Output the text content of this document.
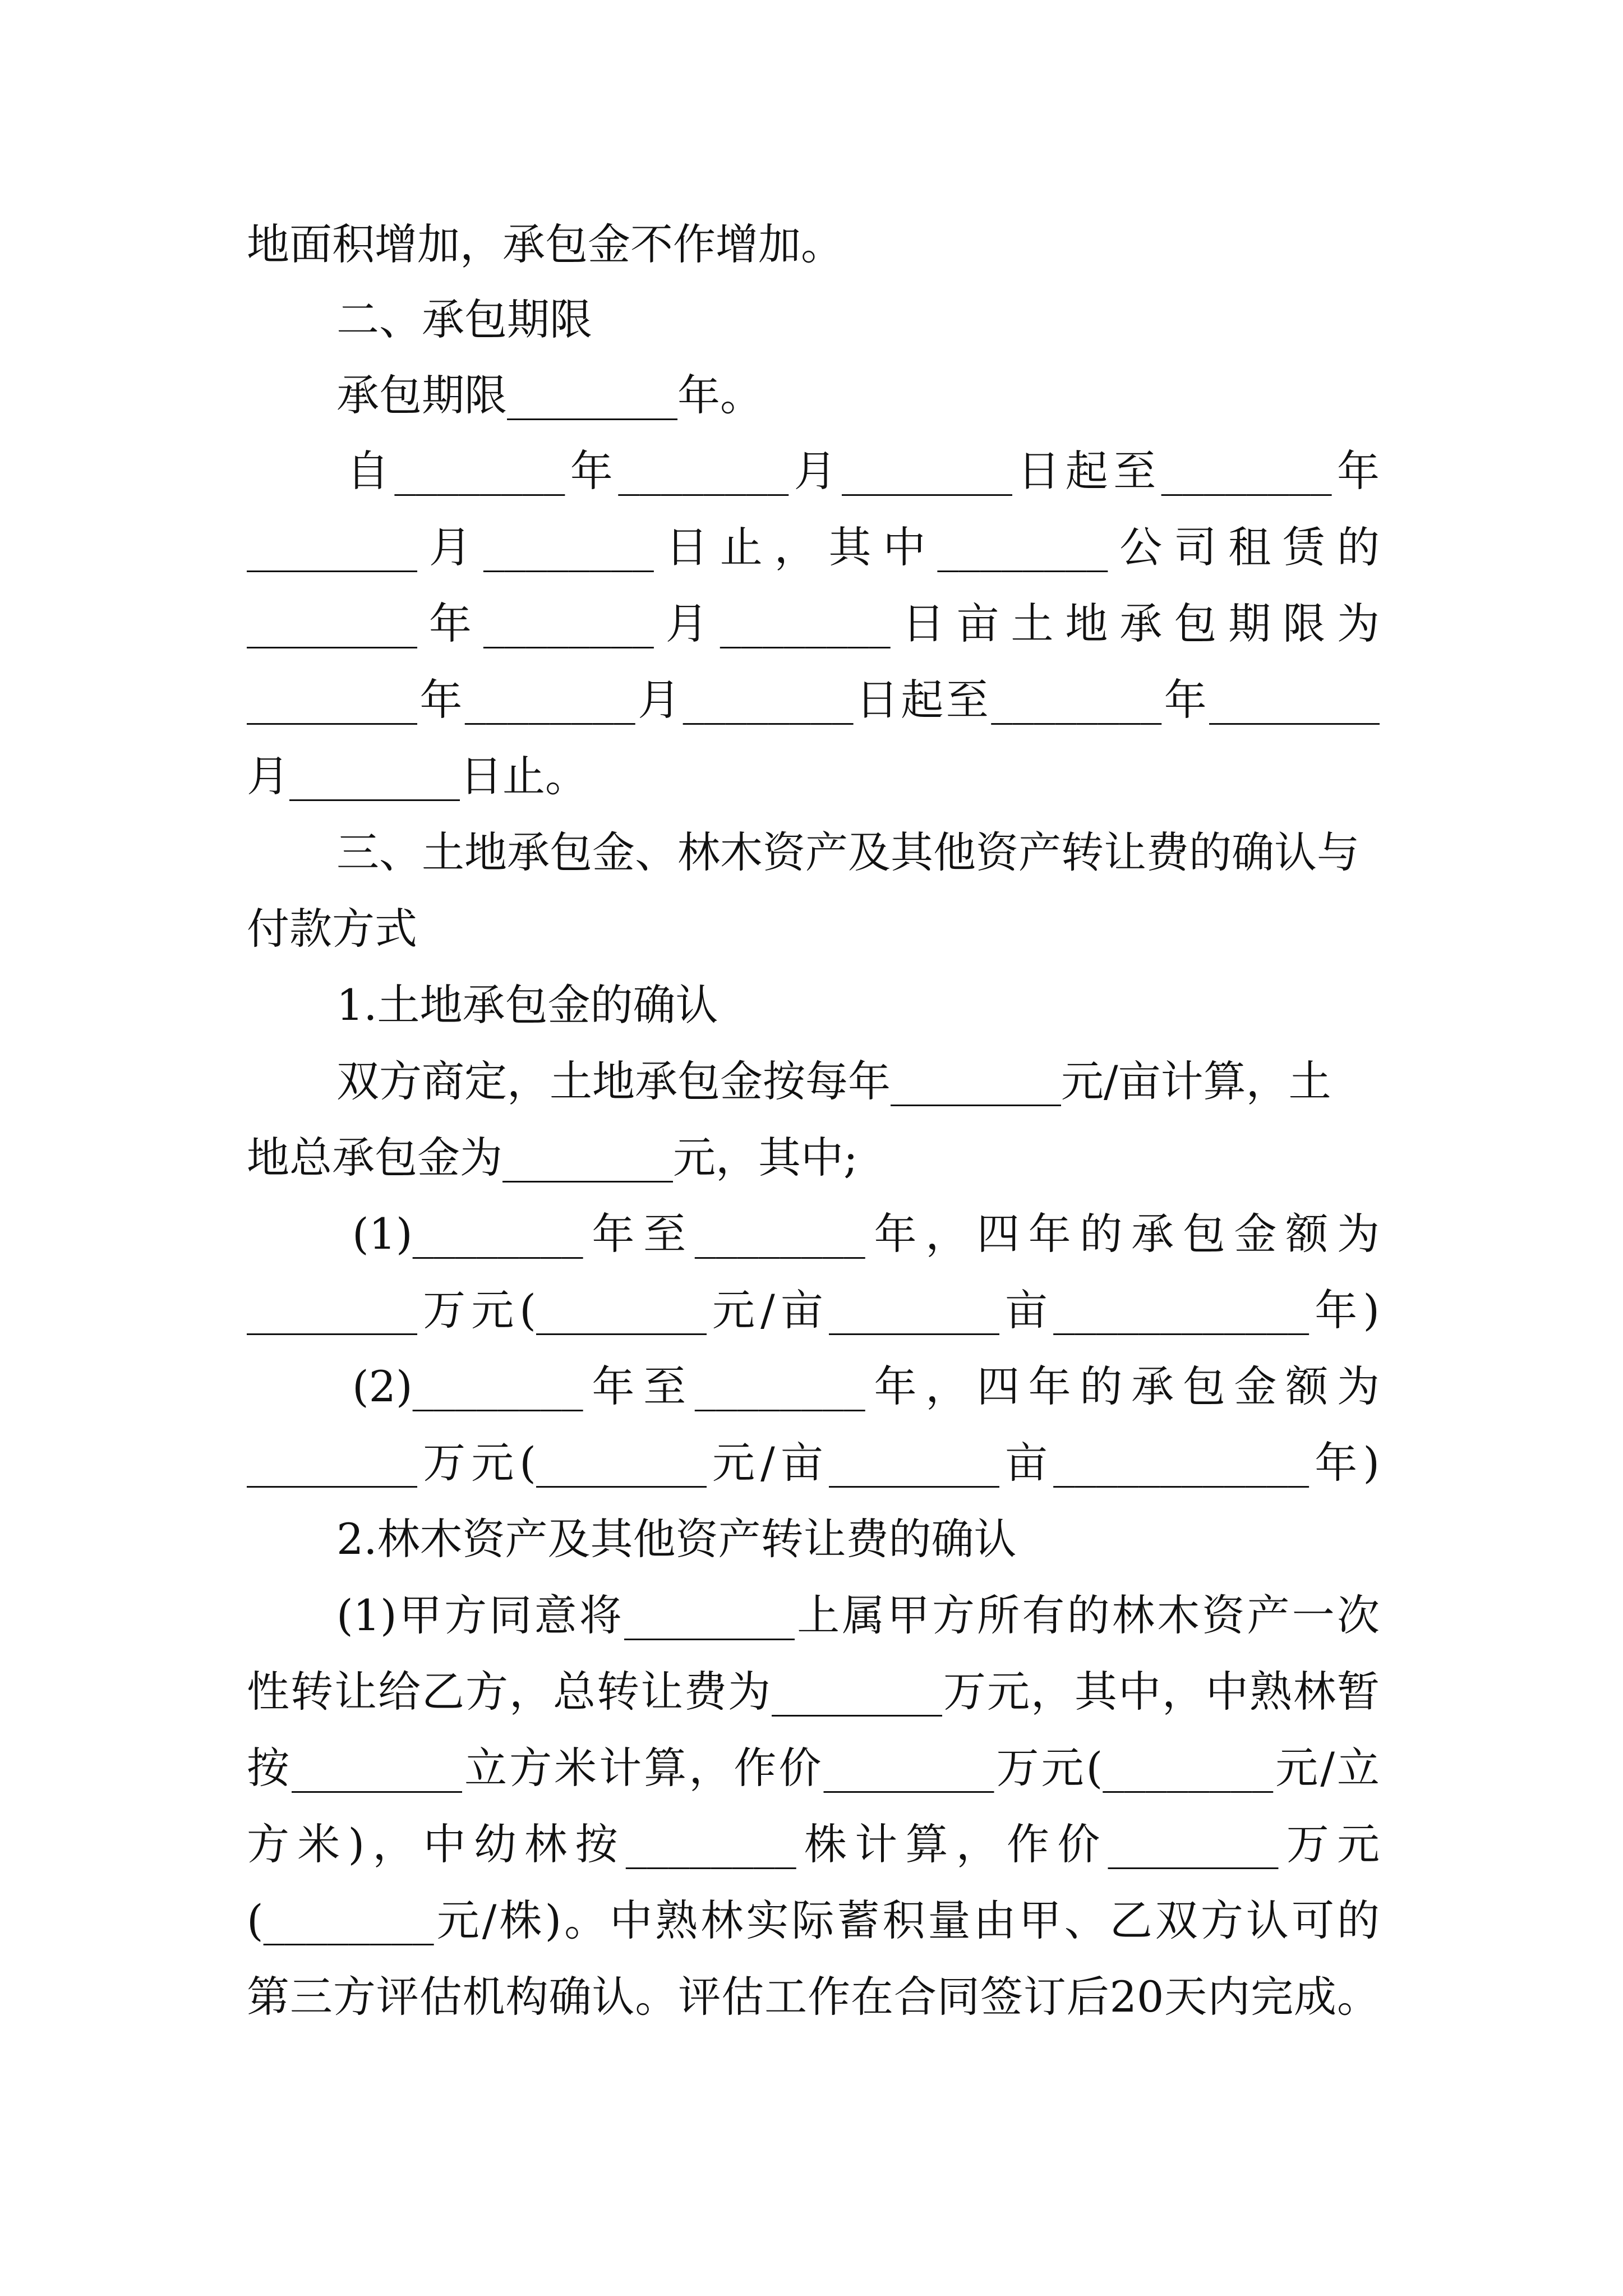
地面积增加，承包金不作增加。
二、承包期限
承包期限________年。
自________年________月________日起至________年
________月________日止，其中________公司租赁的
________年________月________日亩土地承包期限为
________年________月________日起至________年________
月________日止。
三、土地承包金、林木资产及其他资产转让费的确认与
付款方式
1.土地承包金的确认
双方商定，土地承包金按每年________元/亩计算，土
地总承包金为________元，其中;
(1)________年至________年，四年的承包金额为
________万元(________元/亩________亩____________年)
(2)________年至________年，四年的承包金额为
________万元(________元/亩________亩____________年)
2.林木资产及其他资产转让费的确认
(1)甲方同意将________上属甲方所有的林木资产一次
性转让给乙方，总转让费为________万元，其中，中熟林暂
按________立方米计算，作价________万元(________元/立
方米)，中幼林按________株计算，作价________万元
(________元/株)。中熟林实际蓄积量由甲、乙双方认可的
第三方评估机构确认。评估工作在合同签订后20天内完成。
